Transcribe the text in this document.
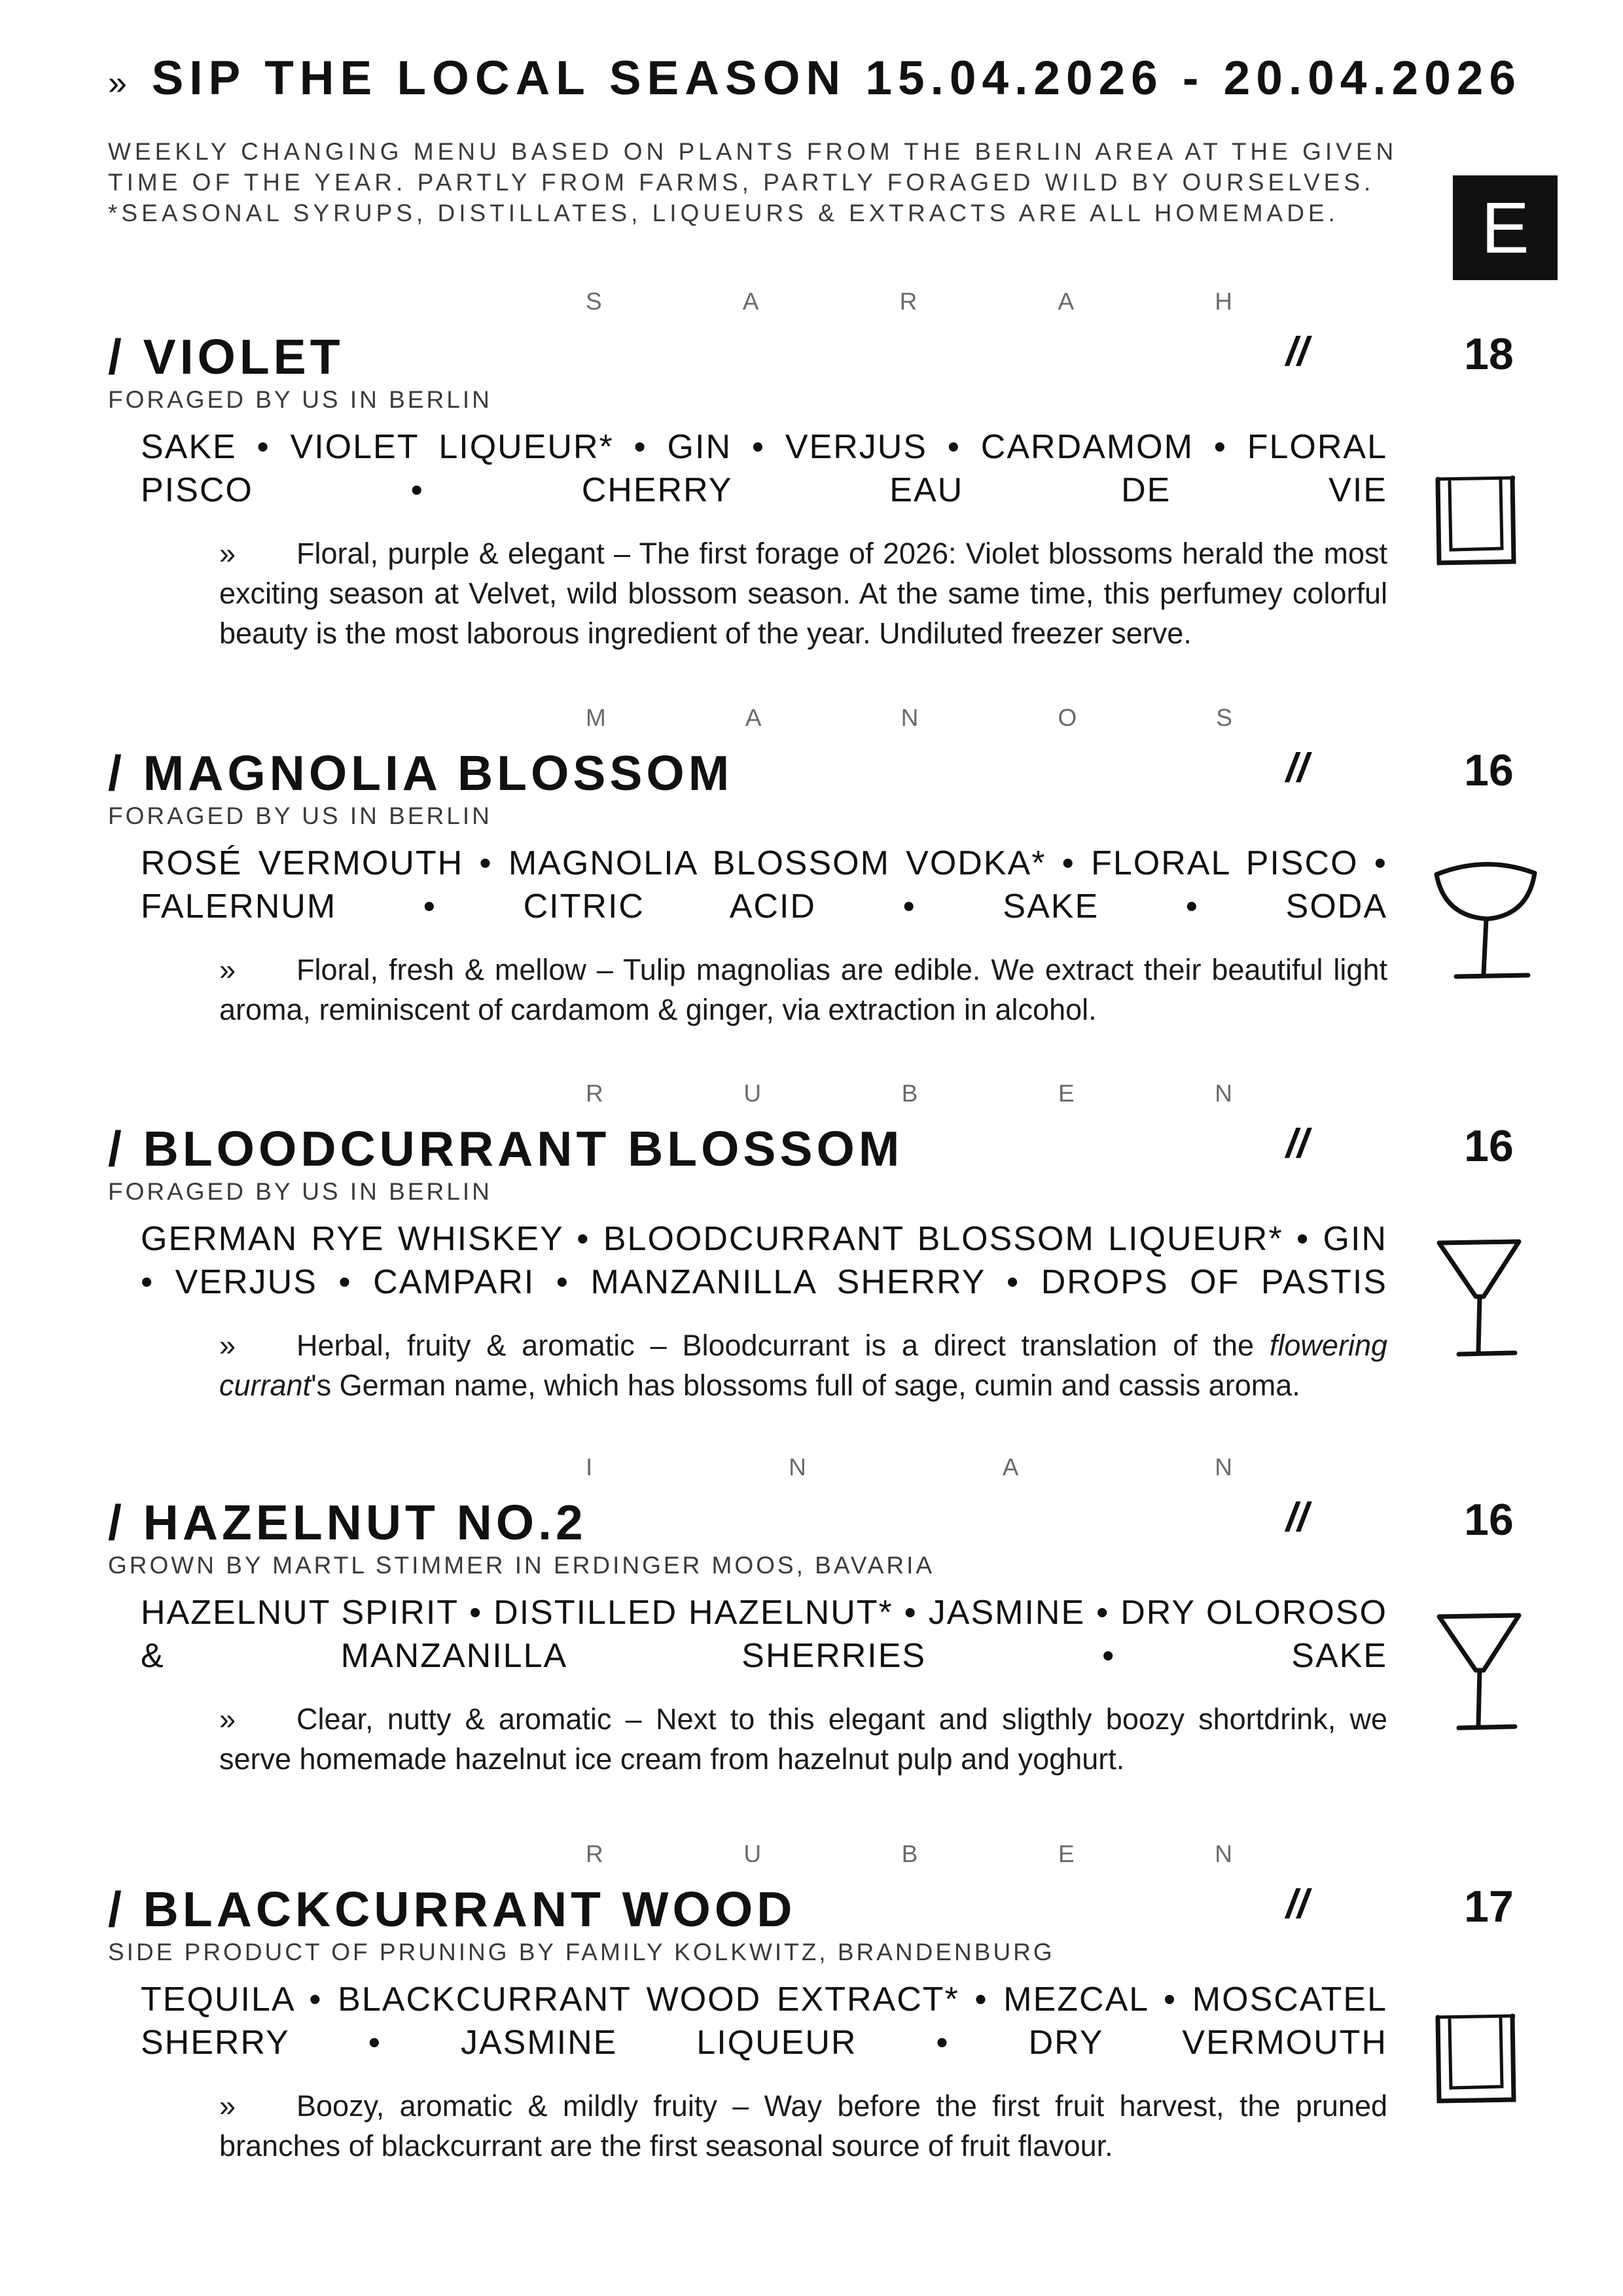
» SIP THE LOCAL SEASON 15.04.2026 - 20.04.2026
WEEKLY CHANGING MENU BASED ON PLANTS FROM THE BERLIN AREA AT THE GIVEN TIME OF THE YEAR. PARTLY FROM FARMS, PARTLY FORAGED WILD BY OURSELVES. *SEASONAL SYRUPS, DISTILLATES, LIQUEURS & EXTRACTS ARE ALL HOMEMADE.	E
S	A	R	A	H
/ VIOLET	//	18
FORAGED BY US IN BERLIN
SAKE • VIOLET LIQUEUR* • GIN • VERJUS • CARDAMOM • FLORAL PISCO • CHERRY EAU DE VIE
» Floral, purple & elegant – The first forage of 2026: Violet blossoms herald the most exciting season at Velvet, wild blossom season. At the same time, this perfumey colorful beauty is the most laborous ingredient of the year. Undiluted freezer serve.
M	A	N	O	S
/ MAGNOLIA BLOSSOM	//	16
FORAGED BY US IN BERLIN
ROSÉ VERMOUTH • MAGNOLIA BLOSSOM VODKA* • FLORAL PISCO • FALERNUM • CITRIC ACID • SAKE • SODA
» Floral, fresh & mellow – Tulip magnolias are edible. We extract their beautiful light aroma, reminiscent of cardamom & ginger, via extraction in alcohol.
R	U	B	E	N
/ BLOODCURRANT BLOSSOM	//	16
FORAGED BY US IN BERLIN
GERMAN RYE WHISKEY • BLOODCURRANT BLOSSOM LIQUEUR* • GIN • VERJUS • CAMPARI • MANZANILLA SHERRY • DROPS OF PASTIS
» Herbal, fruity & aromatic – Bloodcurrant is a direct translation of the flowering currant's German name, which has blossoms full of sage, cumin and cassis aroma.
I	N	A	N
/ HAZELNUT NO.2	//	16
GROWN BY MARTL STIMMER IN ERDINGER MOOS, BAVARIA
HAZELNUT SPIRIT • DISTILLED HAZELNUT* • JASMINE • DRY OLOROSO & MANZANILLA SHERRIES • SAKE
» Clear, nutty & aromatic – Next to this elegant and sligthly boozy shortdrink, we serve homemade hazelnut ice cream from hazelnut pulp and yoghurt.
R	U	B	E	N
/ BLACKCURRANT WOOD	//	17
SIDE PRODUCT OF PRUNING BY FAMILY KOLKWITZ, BRANDENBURG
TEQUILA • BLACKCURRANT WOOD EXTRACT* • MEZCAL • MOSCATEL SHERRY • JASMINE LIQUEUR • DRY VERMOUTH
» Boozy, aromatic & mildly fruity – Way before the first fruit harvest, the pruned branches of blackcurrant are the first seasonal source of fruit flavour.
